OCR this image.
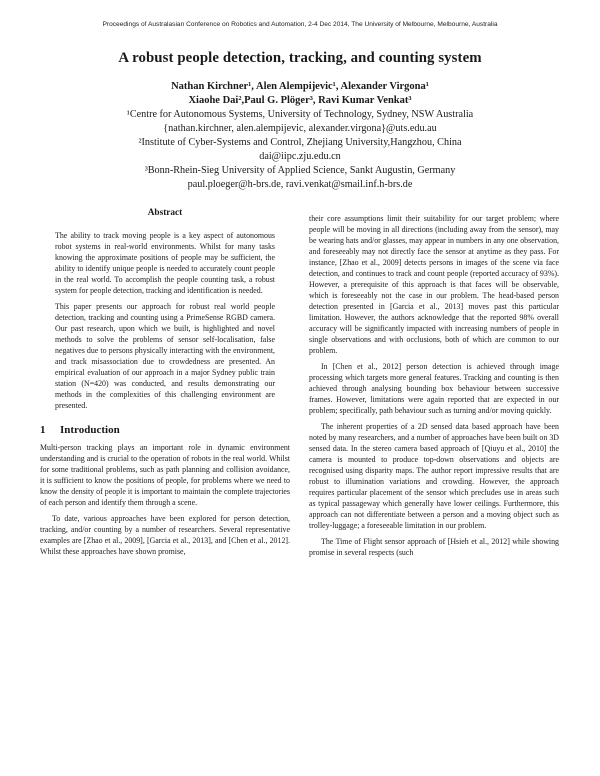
Proceedings of Australasian Conference on Robotics and Automation, 2-4 Dec 2014, The University of Melbourne, Melbourne, Australia
A robust people detection, tracking, and counting system
Nathan Kirchner¹, Alen Alempijevic¹, Alexander Virgona¹
Xiaohe Dai²,Paul G. Plöger³, Ravi Kumar Venkat³
¹Centre for Autonomous Systems, University of Technology, Sydney, NSW Australia
{nathan.kirchner, alen.alempijevic, alexander.virgona}@uts.edu.au
²Institute of Cyber-Systems and Control, Zhejiang University,Hangzhou, China
dai@iipc.zju.edu.cn
³Bonn-Rhein-Sieg University of Applied Science, Sankt Augustin, Germany
paul.ploeger@h-brs.de, ravi.venkat@smail.inf.h-brs.de

Abstract

The ability to track moving people is a key aspect of autonomous robot systems in real-world environments. Whilst for many tasks knowing the approximate positions of people may be sufficient, the ability to identify unique people is needed to accurately count people in the real world. To accomplish the people counting task, a robust system for people detection, tracking and identification is needed.

This paper presents our approach for robust real world people detection, tracking and counting using a PrimeSense RGBD camera. Our past research, upon which we built, is highlighted and novel methods to solve the problems of sensor self-localisation, false negatives due to persons physically interacting with the environment, and track misassociation due to crowdedness are presented. An empirical evaluation of our approach in a major Sydney public train station (N=420) was conducted, and results demonstrating our methods in the complexities of this challenging environment are presented.

1 Introduction

Multi-person tracking plays an important role in dynamic environment understanding and is crucial to the operation of robots in the real world. Whilst for some traditional problems, such as path planning and collision avoidance, it is sufficient to know the positions of people, for problems where we need to know the density of people it is important to maintain the complete trajectories of each person and identify them through a scene.

To date, various approaches have been explored for person detection, tracking, and/or counting by a number of researchers. Several representative examples are [Zhao et al., 2009], [Garcia et al., 2013], and [Chen et al., 2012]. Whilst these approaches have shown promise,

their core assumptions limit their suitability for our target problem; where people will be moving in all directions (including away from the sensor), may be wearing hats and/or glasses, may appear in numbers in any one observation, and foreseeably may not directly face the sensor at anytime as they pass. For instance, [Zhao et al., 2009] detects persons in images of the scene via face detection, and continues to track and count people (reported accuracy of 93%). However, a prerequisite of this approach is that faces will be observable, which is foreseeably not the case in our problem. The head-based person detection presented in [Garcia et al., 2013] moves past this particular limitation. However, the authors acknowledge that the reported 98% overall accuracy will be significantly impacted with increasing numbers of people in single observations and with occlusions, both of which are common to our problem.

In [Chen et al., 2012] person detection is achieved through image processing which targets more general features. Tracking and counting is then achieved through analysing bounding box behaviour between successive frames. However, limitations were again reported that are expected in our problem; specifically, path behaviour such as turning and/or moving quickly.

The inherent properties of a 2D sensed data based approach have been noted by many researchers, and a number of approaches have been built on 3D sensed data. In the stereo camera based approach of [Qiuyu et al., 2010] the camera is mounted to produce top-down observations and objects are recognised using disparity maps. The author report impressive results that are robust to illumination variations and crowding. However, the approach requires particular placement of the sensor which precludes use in areas such as typical passageway which generally have lower ceilings. Furthermore, this approach can not differentiate between a person and a moving object such as trolley-luggage; a foreseeable limitation in our problem.

The Time of Flight sensor approach of [Hsieh et al., 2012] while showing promise in several respects (such
